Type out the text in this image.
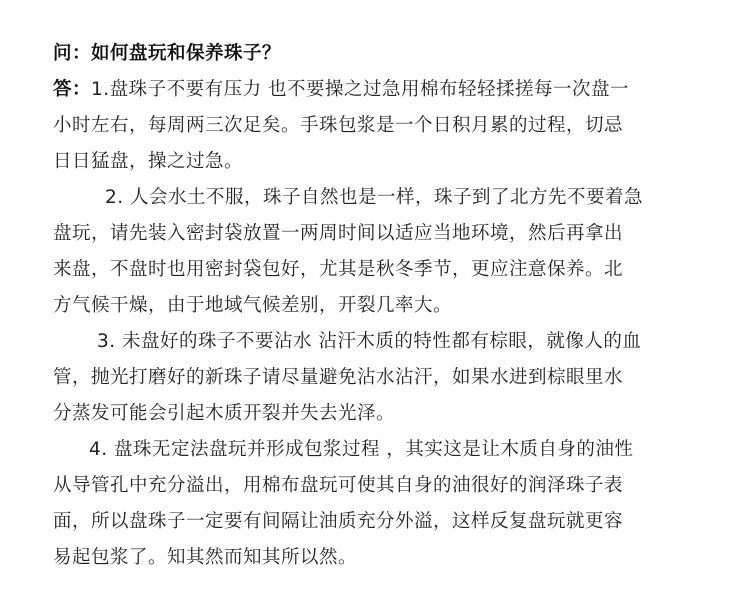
问：如何盘玩和保养珠子？
答：1.盘珠子不要有压力 也不要操之过急用棉布轻轻揉搓每一次盘一
小时左右，每周两三次足矣。手珠包浆是一个日积月累的过程，切忌
日日猛盘，操之过急。
2. 人会水土不服，珠子自然也是一样，珠子到了北方先不要着急
盘玩，请先装入密封袋放置一两周时间以适应当地环境，然后再拿出
来盘，不盘时也用密封袋包好，尤其是秋冬季节，更应注意保养。北
方气候干燥，由于地域气候差别，开裂几率大。
3. 未盘好的珠子不要沾水 沾汗木质的特性都有棕眼，就像人的血
管，抛光打磨好的新珠子请尽量避免沾水沾汗，如果水进到棕眼里水
分蒸发可能会引起木质开裂并失去光泽。
4. 盘珠无定法盘玩并形成包浆过程 ，其实这是让木质自身的油性
从导管孔中充分溢出，用棉布盘玩可使其自身的油很好的润泽珠子表
面，所以盘珠子一定要有间隔让油质充分外溢，这样反复盘玩就更容
易起包浆了。知其然而知其所以然。
